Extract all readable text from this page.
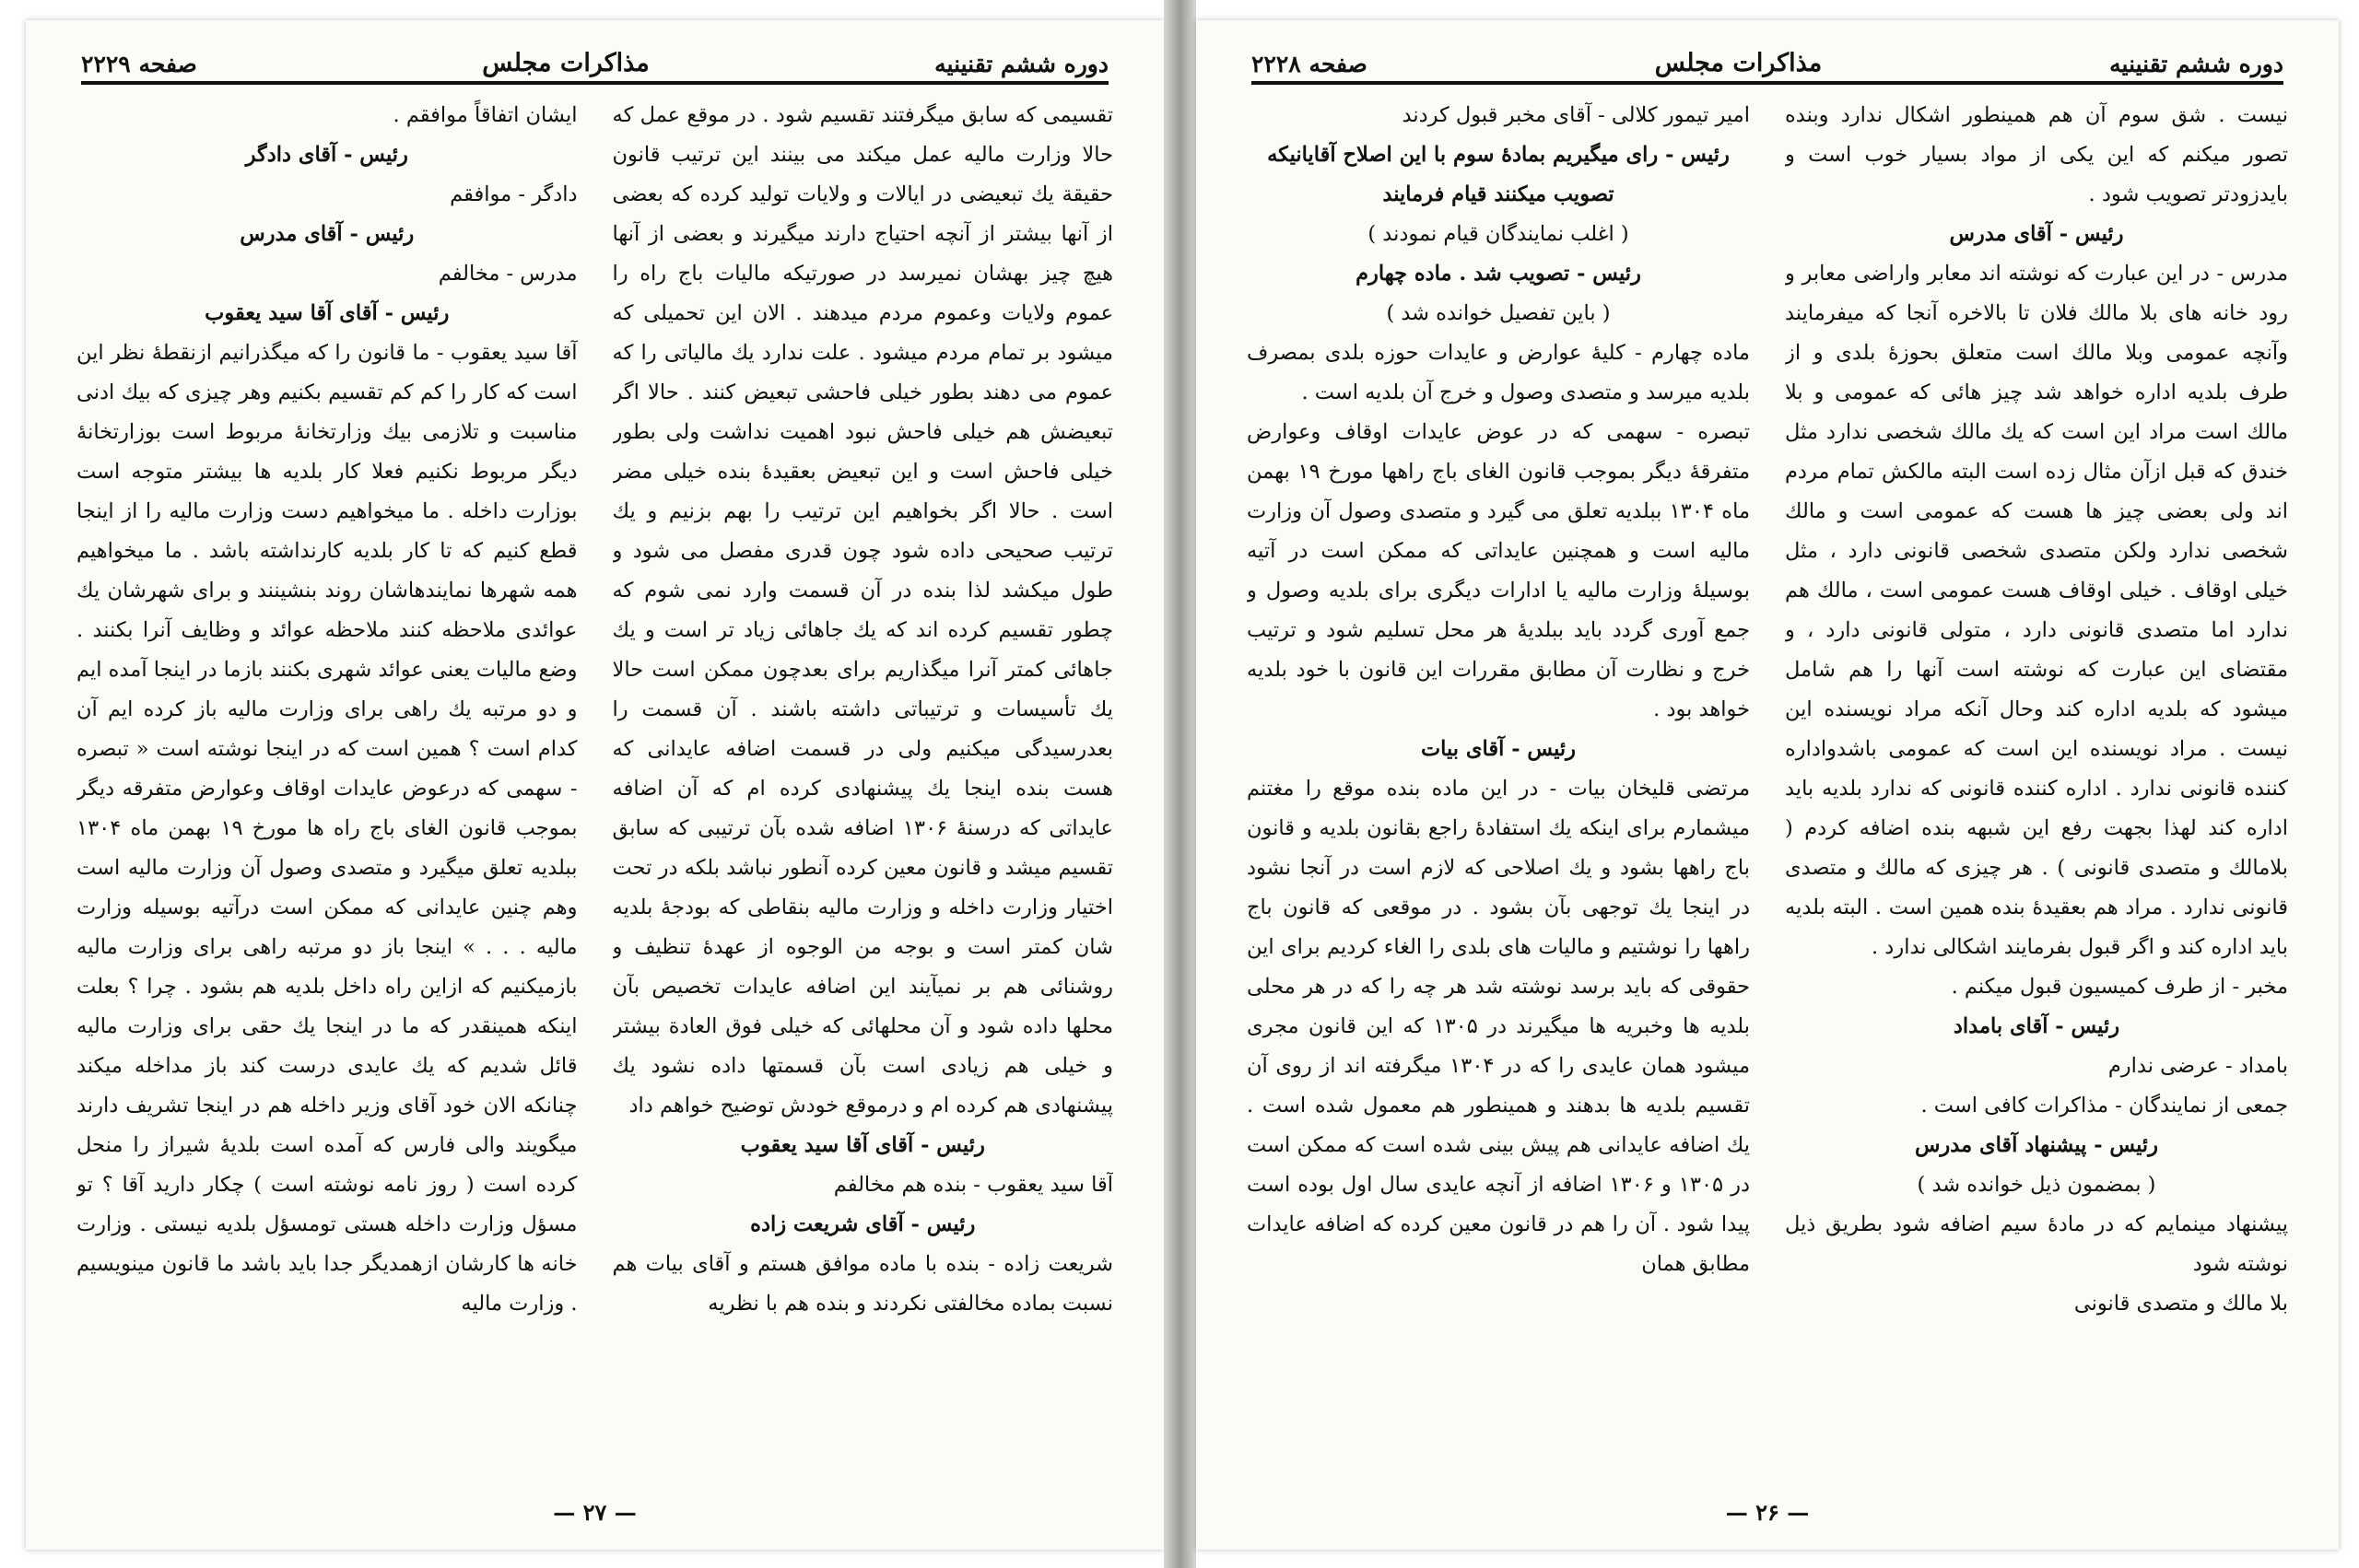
دوره ششم تقنینیه
مذاکرات مجلس
صفحه ۲۲۲۹

تقسیمی که سابق میگرفتند تقسیم شود . در موقع عمل که حالا وزارت مالیه عمل میکند می بینند این ترتیب قانون حقیقة یك تبعیضی در ایالات و ولایات تولید کرده که بعضی از آنها بیشتر از آنچه احتیاج دارند میگیرند و بعضی از آنها هیچ چیز بهشان نمیرسد در صورتیکه مالیات باج راه را عموم ولایات وعموم مردم میدهند . الان این تحمیلی که میشود بر تمام مردم میشود . علت ندارد یك مالیاتی را که عموم می دهند بطور خیلی فاحشی تبعیض کنند . حالا اگر تبعیضش هم خیلی فاحش نبود اهمیت نداشت ولی بطور خیلی فاحش است و این تبعیض بعقیدهٔ بنده خیلی مضر است . حالا اگر بخواهیم این ترتیب را بهم بزنیم و یك ترتیب صحیحی داده شود چون قدری مفصل می شود و طول میکشد لذا بنده در آن قسمت وارد نمی شوم که چطور تقسیم کرده اند که یك جاهائی زیاد تر است و یك جاهائی کمتر آنرا میگذاریم برای بعدچون ممکن است حالا یك تأسیسات و ترتیباتی داشته باشند . آن قسمت را بعدرسیدگی میکنیم ولی در قسمت اضافه عایدانی که هست بنده اینجا یك پیشنهادی کرده ام که آن اضافه عایداتی که درسنهٔ ۱۳۰۶ اضافه شده بآن ترتیبی که سابق تقسیم میشد و قانون معین کرده آنطور نباشد بلکه در تحت اختیار وزارت داخله و وزارت مالیه بنقاطی که بودجهٔ بلدیه شان کمتر است و بوجه من الوجوه از عهدهٔ تنظیف و روشنائی هم بر نمیآیند این اضافه عایدات تخصیص بآن محلها داده شود و آن محلهائی که خیلی فوق العادة بیشتر و خیلی هم زیادی است بآن قسمتها داده نشود یك پیشنهادی هم کرده ام و درموقع خودش توضیح خواهم داد

رئیس - آقای آقا سید یعقوب

آقا سید یعقوب - بنده هم مخالفم

رئیس - آقای شریعت زاده

شریعت زاده - بنده با ماده موافق هستم و آقای بیات هم نسبت بماده مخالفتی نکردند و بنده هم با نظریه

ایشان اتفاقاً موافقم .

رئیس - آقای دادگر

دادگر - موافقم

رئیس - آقای مدرس

مدرس - مخالفم

رئیس - آقای آقا سید یعقوب

آقا سید یعقوب - ما قانون را که میگذرانیم ازنقطهٔ نظر این است که کار را کم کم تقسیم بکنیم وهر چیزی که بیك ادنی مناسبت و تلازمی بیك وزارتخانهٔ مربوط است بوزارتخانهٔ دیگر مربوط نکنیم فعلا کار بلدیه ها بیشتر متوجه است بوزارت داخله . ما میخواهیم دست وزارت مالیه را از اینجا قطع کنیم که تا کار بلدیه کارنداشته باشد . ما میخواهیم همه شهرها نمایندهاشان روند بنشینند و برای شهرشان یك عوائدی ملاحظه کنند ملاحظه عوائد و وظایف آنرا بکنند . وضع مالیات یعنی عوائد شهری بکنند بازما در اینجا آمده ایم و دو مرتبه یك راهی برای وزارت مالیه باز کرده ایم آن کدام است ؟ همین است که در اینجا نوشته است « تبصره - سهمی که درعوض عایدات اوقاف وعوارض متفرقه دیگر بموجب قانون الغای باج راه ها مورخ ۱۹ بهمن ماه ۱۳۰۴ ببلدیه تعلق میگیرد و متصدی وصول آن وزارت مالیه است وهم چنین عایدانی که ممکن است درآتیه بوسیله وزارت مالیه . . . » اینجا باز دو مرتبه راهی برای وزارت مالیه بازمیکنیم که ازاین راه داخل بلدیه هم بشود . چرا ؟ بعلت اینکه همینقدر که ما در اینجا یك حقی برای وزارت مالیه قائل شدیم که یك عایدی درست کند باز مداخله میکند چنانکه الان خود آقای وزیر داخله هم در اینجا تشریف دارند میگویند والی فارس که آمده است بلدیهٔ شیراز را منحل کرده است ( روز نامه نوشته است ) چکار دارید آقا ؟ تو مسؤل وزارت داخله هستی تومسؤل بلدیه نیستی . وزارت خانه ها کارشان ازهمدیگر جدا باید باشد ما قانون مینویسیم . وزارت مالیه

— ۲۷ —
دوره ششم تقنینیه
مذاکرات مجلس
صفحه ۲۲۲۸

نیست . شق سوم آن هم همینطور اشکال ندارد وبنده تصور میکنم که این یکی از مواد بسیار خوب است و بایدزودتر تصویب شود .

رئیس - آقای مدرس

مدرس - در این عبارت که نوشته اند معابر واراضی معابر و رود خانه های بلا مالك فلان تا بالاخره آنجا که میفرمایند وآنچه عمومی وبلا مالك است متعلق بحوزهٔ بلدی و از طرف بلدیه اداره خواهد شد چیز هائی که عمومی و بلا مالك است مراد این است که یك مالك شخصی ندارد مثل خندق که قبل ازآن مثال زده است البته مالکش تمام مردم اند ولی بعضی چیز ها هست که عمومی است و مالك شخصی ندارد ولکن متصدی شخصی قانونی دارد ، مثل خیلی اوقاف . خیلی اوقاف هست عمومی است ، مالك هم ندارد اما متصدی قانونی دارد ، متولی قانونی دارد ، و مقتضای این عبارت که نوشته است آنها را هم شامل میشود که بلدیه اداره کند وحال آنکه مراد نویسنده این نیست . مراد نویسنده این است که عمومی باشدواداره کننده قانونی ندارد . اداره کننده قانونی که ندارد بلدیه باید اداره کند لهذا بجهت رفع این شبهه بنده اضافه کردم ( بلامالك و متصدی قانونی ) . هر چیزی که مالك و متصدی قانونی ندارد . مراد هم بعقیدهٔ بنده همین است . البته بلدیه باید اداره کند و اگر قبول بفرمایند اشکالی ندارد .

مخبر - از طرف کمیسیون قبول میکنم .

رئیس - آقای بامداد

بامداد - عرضی ندارم

جمعی از نمایندگان - مذاکرات کافی است .

رئیس - پیشنهاد آقای مدرس

( بمضمون ذیل خوانده شد )

پیشنهاد مینمایم که در مادهٔ سیم اضافه شود بطریق ذیل نوشته شود

بلا مالك و متصدی قانونی

امیر تیمور کلالی - آقای مخبر قبول کردند

رئیس - رای میگیریم بمادهٔ سوم با این اصلاح آقایانیکه تصویب میکنند قیام فرمایند

( اغلب نمایندگان قیام نمودند )

رئیس - تصویب شد . ماده چهارم

( باین تفصیل خوانده شد )

ماده چهارم - کلیهٔ عوارض و عایدات حوزه بلدی بمصرف بلدیه میرسد و متصدی وصول و خرج آن بلدیه است .

تبصره - سهمی که در عوض عایدات اوقاف وعوارض متفرقهٔ دیگر بموجب قانون الغای باج راهها مورخ ۱۹ بهمن ماه ۱۳۰۴ ببلدیه تعلق می گیرد و متصدی وصول آن وزارت مالیه است و همچنین عایداتی که ممکن است در آتیه بوسیلهٔ وزارت مالیه یا ادارات دیگری برای بلدیه وصول و جمع آوری گردد باید ببلدیهٔ هر محل تسلیم شود و ترتیب خرج و نظارت آن مطابق مقررات این قانون با خود بلدیه خواهد بود .

رئیس - آقای بیات

مرتضی قلیخان بیات - در این ماده بنده موقع را مغتنم میشمارم برای اینکه یك استفادهٔ راجع بقانون بلدیه و قانون باج راهها بشود و یك اصلاحی که لازم است در آنجا نشود در اینجا یك توجهی بآن بشود . در موقعی که قانون باج راهها را نوشتیم و مالیات های بلدی را الغاء کردیم برای این حقوقی که باید برسد نوشته شد هر چه را که در هر محلی بلدیه ها وخبریه ها میگیرند در ۱۳۰۵ که این قانون مجری میشود همان عایدی را که در ۱۳۰۴ میگرفته اند از روی آن تقسیم بلدیه ها بدهند و همینطور هم معمول شده است . یك اضافه عایدانی هم پیش بینی شده است که ممکن است در ۱۳۰۵ و ۱۳۰۶ اضافه از آنچه عایدی سال اول بوده است پیدا شود . آن را هم در قانون معین کرده که اضافه عایدات مطابق همان

— ۲۶ —
